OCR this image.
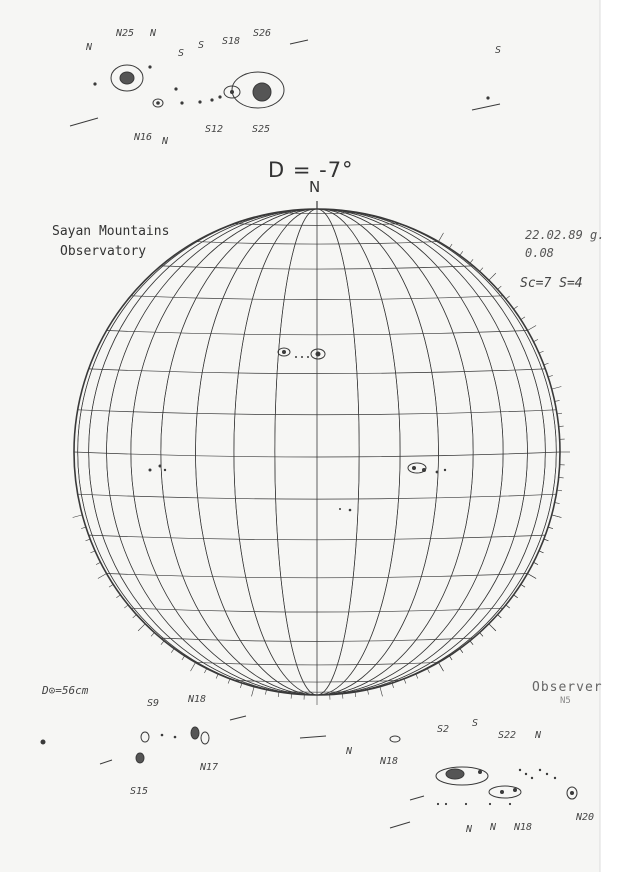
D = -7°
N
Sayan Mountains
Observatory
22.02.89 g.
0.08
Sc=7 S=4
D⊙=56cm	Observer
N5
N
N25 N
S
S S18
S26
S
N16 N
S12	S25
S9	N18
N17
S15
N
N18
S2
S
S22 N
N N N18
N20
